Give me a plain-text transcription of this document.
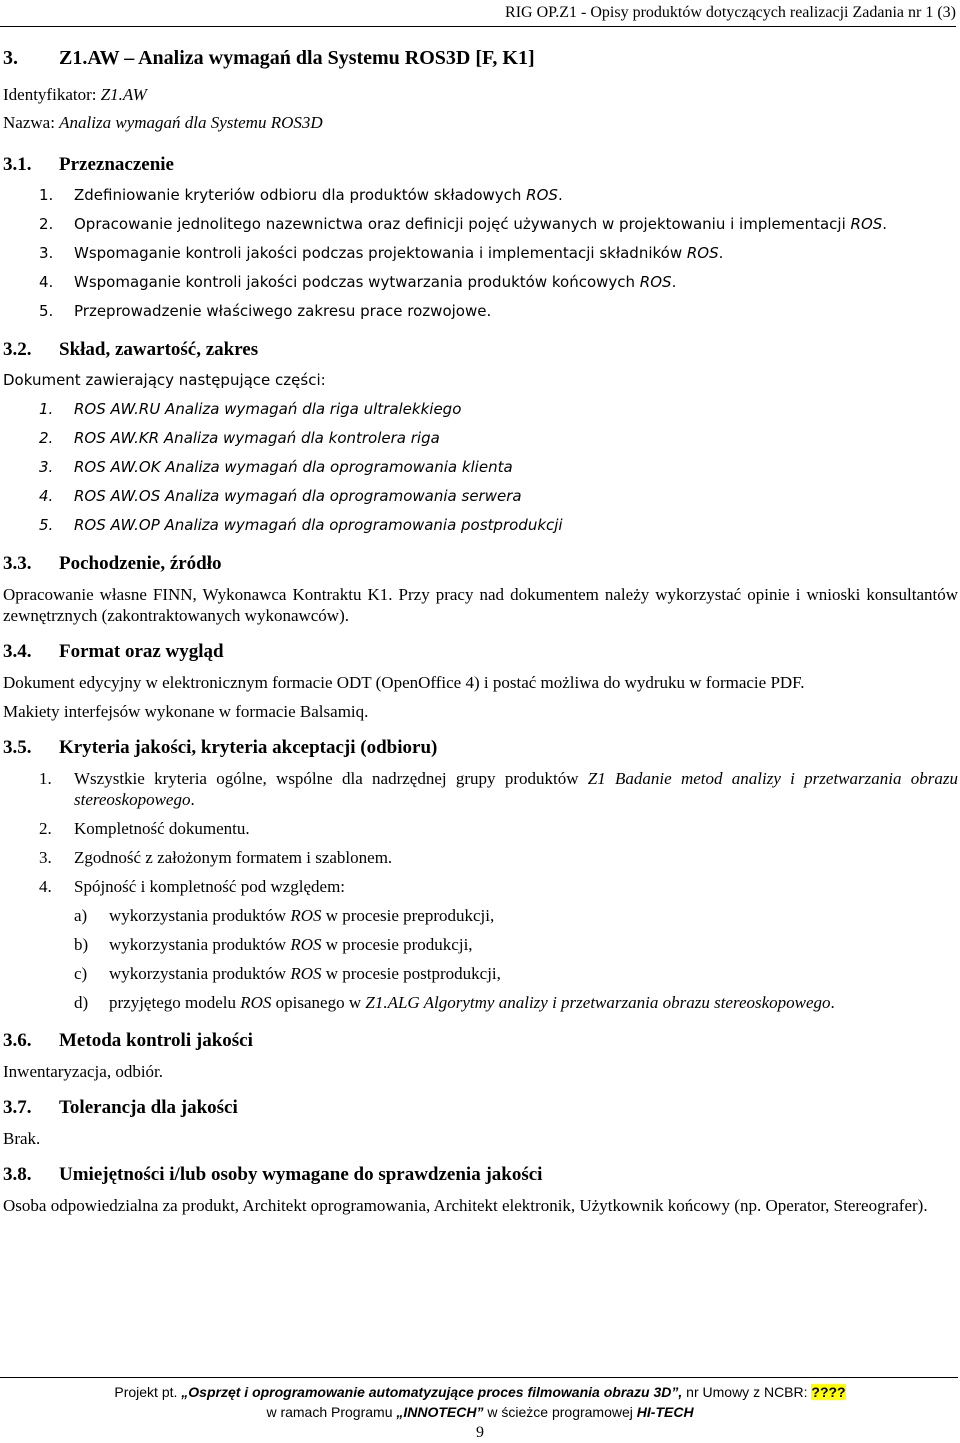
RIG OP.Z1 - Opisy produktów dotyczących realizacji Zadania nr 1 (3)
3. Z1.AW – Analiza wymagań dla Systemu ROS3D [F, K1]
Identyfikator: Z1.AW
Nazwa: Analiza wymagań dla Systemu ROS3D
3.1. Przeznaczenie
1. Zdefiniowanie kryteriów odbioru dla produktów składowych ROS.
2. Opracowanie jednolitego nazewnictwa oraz definicji pojęć używanych w projektowaniu i implementacji ROS.
3. Wspomaganie kontroli jakości podczas projektowania i implementacji składników ROS.
4. Wspomaganie kontroli jakości podczas wytwarzania produktów końcowych ROS.
5. Przeprowadzenie właściwego zakresu prace rozwojowe.
3.2. Skład, zawartość, zakres

Dokument zawierający następujące części:

1. ROS AW.RU Analiza wymagań dla riga ultralekkiego
2. ROS AW.KR Analiza wymagań dla kontrolera riga
3. ROS AW.OK Analiza wymagań dla oprogramowania klienta
4. ROS AW.OS Analiza wymagań dla oprogramowania serwera
5. ROS AW.OP Analiza wymagań dla oprogramowania postprodukcji
3.3. Pochodzenie, źródło

Opracowanie własne FINN, Wykonawca Kontraktu K1. Przy pracy nad dokumentem należy wykorzystać opinie i wnioski konsultantów zewnętrznych (zakontraktowanych wykonawców).

3.4. Format oraz wygląd

Dokument edycyjny w elektronicznym formacie ODT (OpenOffice 4) i postać możliwa do wydruku w formacie PDF.

Makiety interfejsów wykonane w formacie Balsamiq.

3.5. Kryteria jakości, kryteria akceptacji (odbioru)
1. Wszystkie kryteria ogólne, wspólne dla nadrzędnej grupy produktów Z1 Badanie metod analizy i przetwarzania obrazu stereoskopowego.
2. Kompletność dokumentu.
3. Zgodność z założonym formatem i szablonem.
4. Spójność i kompletność pod względem:
a)	wykorzystania produktów ROS w procesie preprodukcji,
b)	wykorzystania produktów ROS w procesie produkcji,
c)	wykorzystania produktów ROS w procesie postprodukcji,
d)	przyjętego modelu ROS opisanego w Z1.ALG Algorytmy analizy i przetwarzania obrazu stereoskopowego.
3.6. Metoda kontroli jakości

Inwentaryzacja, odbiór.

3.7. Tolerancja dla jakości

Brak.

3.8. Umiejętności i/lub osoby wymagane do sprawdzenia jakości

Osoba odpowiedzialna za produkt, Architekt oprogramowania, Architekt elektronik, Użytkownik końcowy (np. Operator, Stereografer).

Projekt pt. „Osprzęt i oprogramowanie automatyzujące proces filmowania obrazu 3D”, nr Umowy z NCBR: ????
w ramach Programu „INNOTECH” w ścieżce programowej HI-TECH
9
